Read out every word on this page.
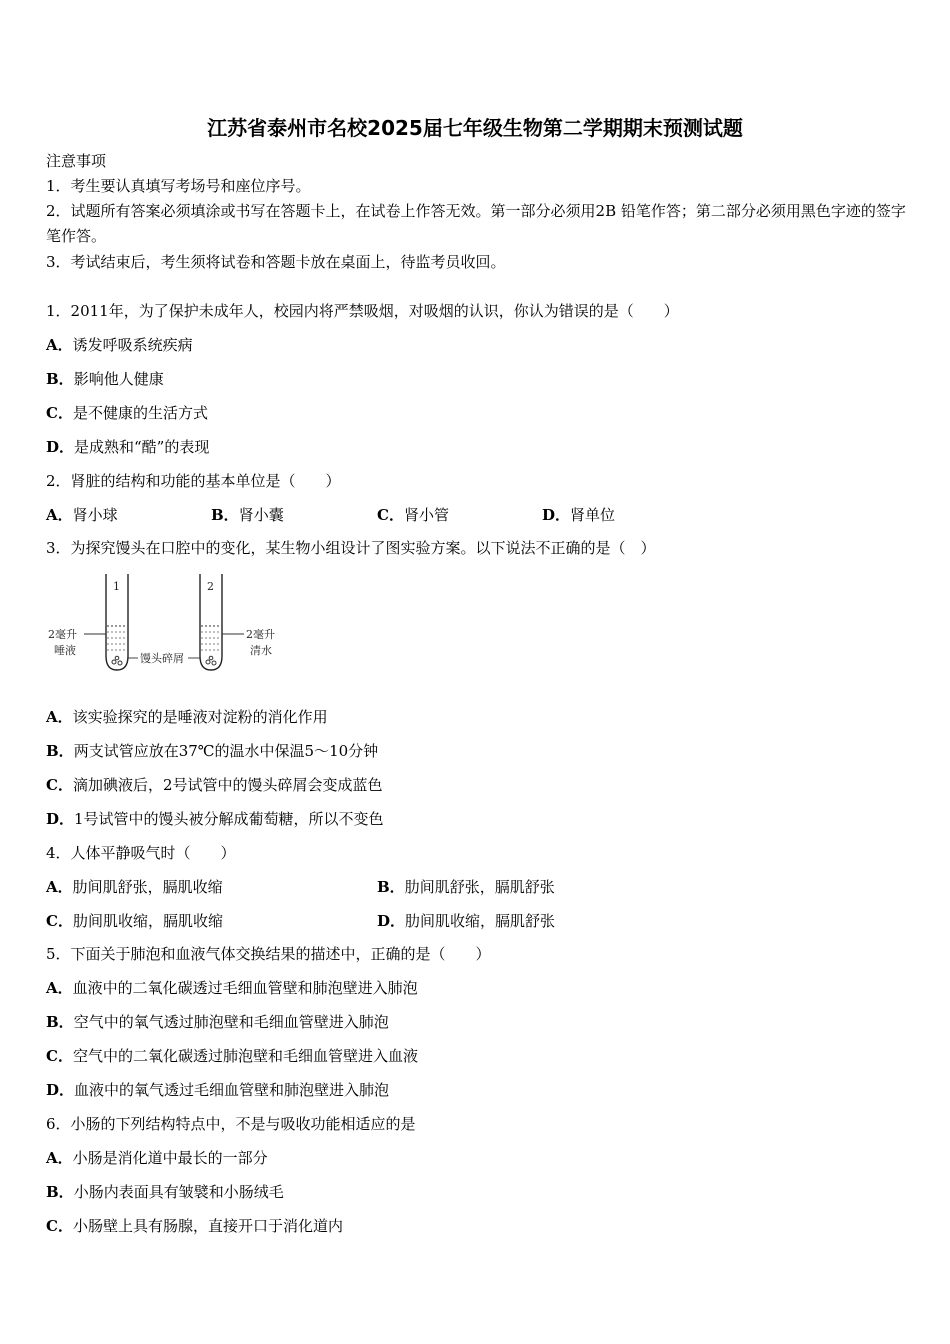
江苏省泰州市名校2025届七年级生物第二学期期末预测试题
注意事项
1．考生要认真填写考场号和座位序号。
2．试题所有答案必须填涂或书写在答题卡上，在试卷上作答无效。第一部分必须用2B 铅笔作答；第二部分必须用黑色字迹的签字笔作答。
3．考试结束后，考生须将试卷和答题卡放在桌面上，待监考员收回。
1．2011年，为了保护未成年人，校园内将严禁吸烟，对吸烟的认识，你认为错误的是（　　）
A．诱发呼吸系统疾病
B．影响他人健康
C．是不健康的生活方式
D．是成熟和“酷”的表现
2．肾脏的结构和功能的基本单位是（　　）
A．肾小球	B．肾小囊	C．肾小管	D．肾单位
3．为探究馒头在口腔中的变化，某生物小组设计了图实验方案。以下说法不正确的是（　）
1	2
2毫升
唾液
馒头碎屑
2毫升
清水
A．该实验探究的是唾液对淀粉的消化作用
B．两支试管应放在37℃的温水中保温5～10分钟
C．滴加碘液后，2号试管中的馒头碎屑会变成蓝色
D．1号试管中的馒头被分解成葡萄糖，所以不变色
4．人体平静吸气时（　　）
A．肋间肌舒张，膈肌收缩	B．肋间肌舒张，膈肌舒张
C．肋间肌收缩，膈肌收缩	D．肋间肌收缩，膈肌舒张
5．下面关于肺泡和血液气体交换结果的描述中，正确的是（　　）
A．血液中的二氧化碳透过毛细血管壁和肺泡壁进入肺泡
B．空气中的氧气透过肺泡壁和毛细血管壁进入肺泡
C．空气中的二氧化碳透过肺泡壁和毛细血管壁进入血液
D．血液中的氧气透过毛细血管壁和肺泡壁进入肺泡
6．小肠的下列结构特点中，不是与吸收功能相适应的是
A．小肠是消化道中最长的一部分
B．小肠内表面具有皱襞和小肠绒毛
C．小肠壁上具有肠腺，直接开口于消化道内
